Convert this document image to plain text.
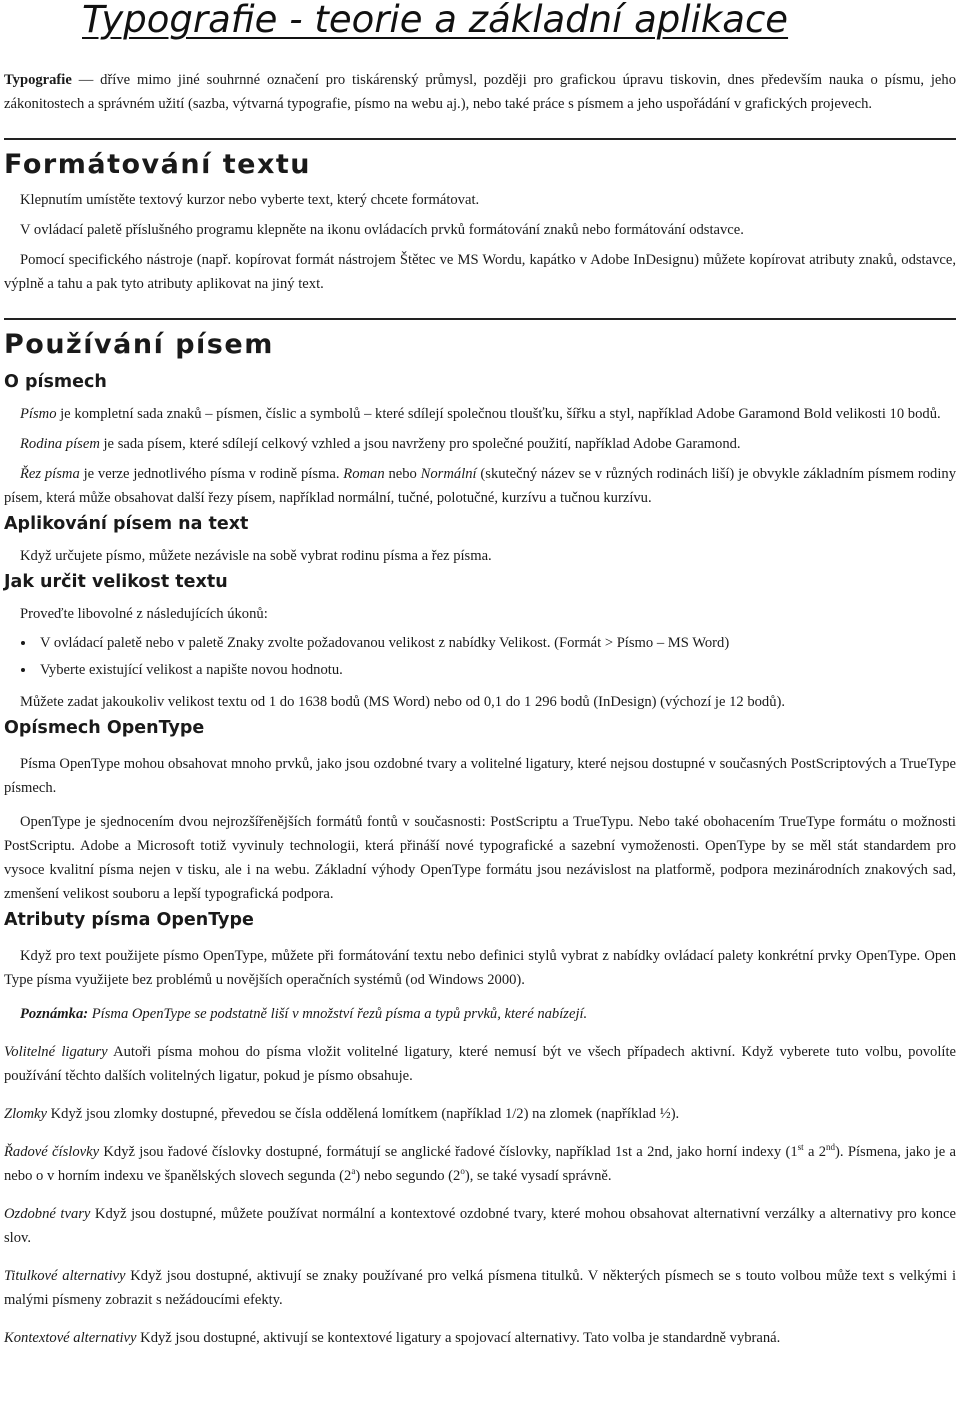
Typografie - teorie a základní aplikace

Typografie — dříve mimo jiné souhrnné označení pro tiskárenský průmysl, později pro grafickou úpravu tiskovin, dnes především nauka o písmu, jeho zákonitostech a správném užití (sazba, výtvarná typografie, písmo na webu aj.), nebo také práce s písmem a jeho uspořádání v grafických projevech.

Formátování textu

Klepnutím umístěte textový kurzor nebo vyberte text, který chcete formátovat.

V ovládací paletě příslušného programu klepněte na ikonu ovládacích prvků formátování znaků nebo formátování odstavce.

Pomocí specifického nástroje (např. kopírovat formát nástrojem Štětec ve MS Wordu, kapátko v Adobe InDesignu) můžete kopírovat atributy znaků, odstavce, výplně a tahu a pak tyto atributy aplikovat na jiný text.

Používání písem
O písmech

Písmo je kompletní sada znaků – písmen, číslic a symbolů – které sdílejí společnou tloušťku, šířku a styl, například Adobe Garamond Bold velikosti 10 bodů.

Rodina písem je sada písem, které sdílejí celkový vzhled a jsou navrženy pro společné použití, například Adobe Garamond.

Řez písma je verze jednotlivého písma v rodině písma. Roman nebo Normální (skutečný název se v různých rodinách liší) je obvykle základním písmem rodiny písem, která může obsahovat další řezy písem, například normální, tučné, polotučné, kurzívu a tučnou kurzívu.

Aplikování písem na text

Když určujete písmo, můžete nezávisle na sobě vybrat rodinu písma a řez písma.

Jak určit velikost textu

Proveďte libovolné z následujících úkonů:

• V ovládací paletě nebo v paletě Znaky zvolte požadovanou velikost z nabídky Velikost. (Formát > Písmo – MS Word)
• Vyberte existující velikost a napište novou hodnotu.

Můžete zadat jakoukoliv velikost textu od 1 do 1638 bodů (MS Word) nebo od 0,1 do 1 296 bodů (InDesign) (výchozí je 12 bodů).

Opísmech OpenType

Písma OpenType mohou obsahovat mnoho prvků, jako jsou ozdobné tvary a volitelné ligatury, které nejsou dostupné v současných PostScriptových a TrueType písmech.

OpenType je sjednocením dvou nejrozšířenějších formátů fontů v současnosti: PostScriptu a TrueTypu. Nebo také obohacením TrueType formátu o možnosti PostScriptu. Adobe a Microsoft totiž vyvinuly technologii, která přináší nové typografické a sazební vymoženosti. OpenType by se měl stát standardem pro vysoce kvalitní písma nejen v tisku, ale i na webu. Základní výhody OpenType formátu jsou nezávislost na platformě, podpora mezinárodních znakových sad, zmenšení velikost souboru a lepší typografická podpora.

Atributy písma OpenType

Když pro text použijete písmo OpenType, můžete při formátování textu nebo definici stylů vybrat z nabídky ovládací palety konkrétní prvky OpenType. Open Type písma využijete bez problémů u novějších operačních systémů (od Windows 2000).

Poznámka: Písma OpenType se podstatně liší v množství řezů písma a typů prvků, které nabízejí.

Volitelné ligatury Autoři písma mohou do písma vložit volitelné ligatury, které nemusí být ve všech případech aktivní. Když vyberete tuto volbu, povolíte používání těchto dalších volitelných ligatur, pokud je písmo obsahuje.

Zlomky Když jsou zlomky dostupné, převedou se čísla oddělená lomítkem (například 1/2) na zlomek (například ½).

Řadové číslovky Když jsou řadové číslovky dostupné, formátují se anglické řadové číslovky, například 1st a 2nd, jako horní indexy (1st a 2nd). Písmena, jako je a nebo o v horním indexu ve španělských slovech segunda (2$^a$) nebo segundo (2$^o$), se také vysadí správně.

Ozdobné tvary Když jsou dostupné, můžete používat normální a kontextové ozdobné tvary, které mohou obsahovat alternativní verzálky a alternativy pro konce slov.

Titulkové alternativy Když jsou dostupné, aktivují se znaky používané pro velká písmena titulků. V některých písmech se s touto volbou může text s velkými i malými písmeny zobrazit s nežádoucími efekty.

Kontextové alternativy Když jsou dostupné, aktivují se kontextové ligatury a spojovací alternativy. Tato volba je standardně vybraná.
